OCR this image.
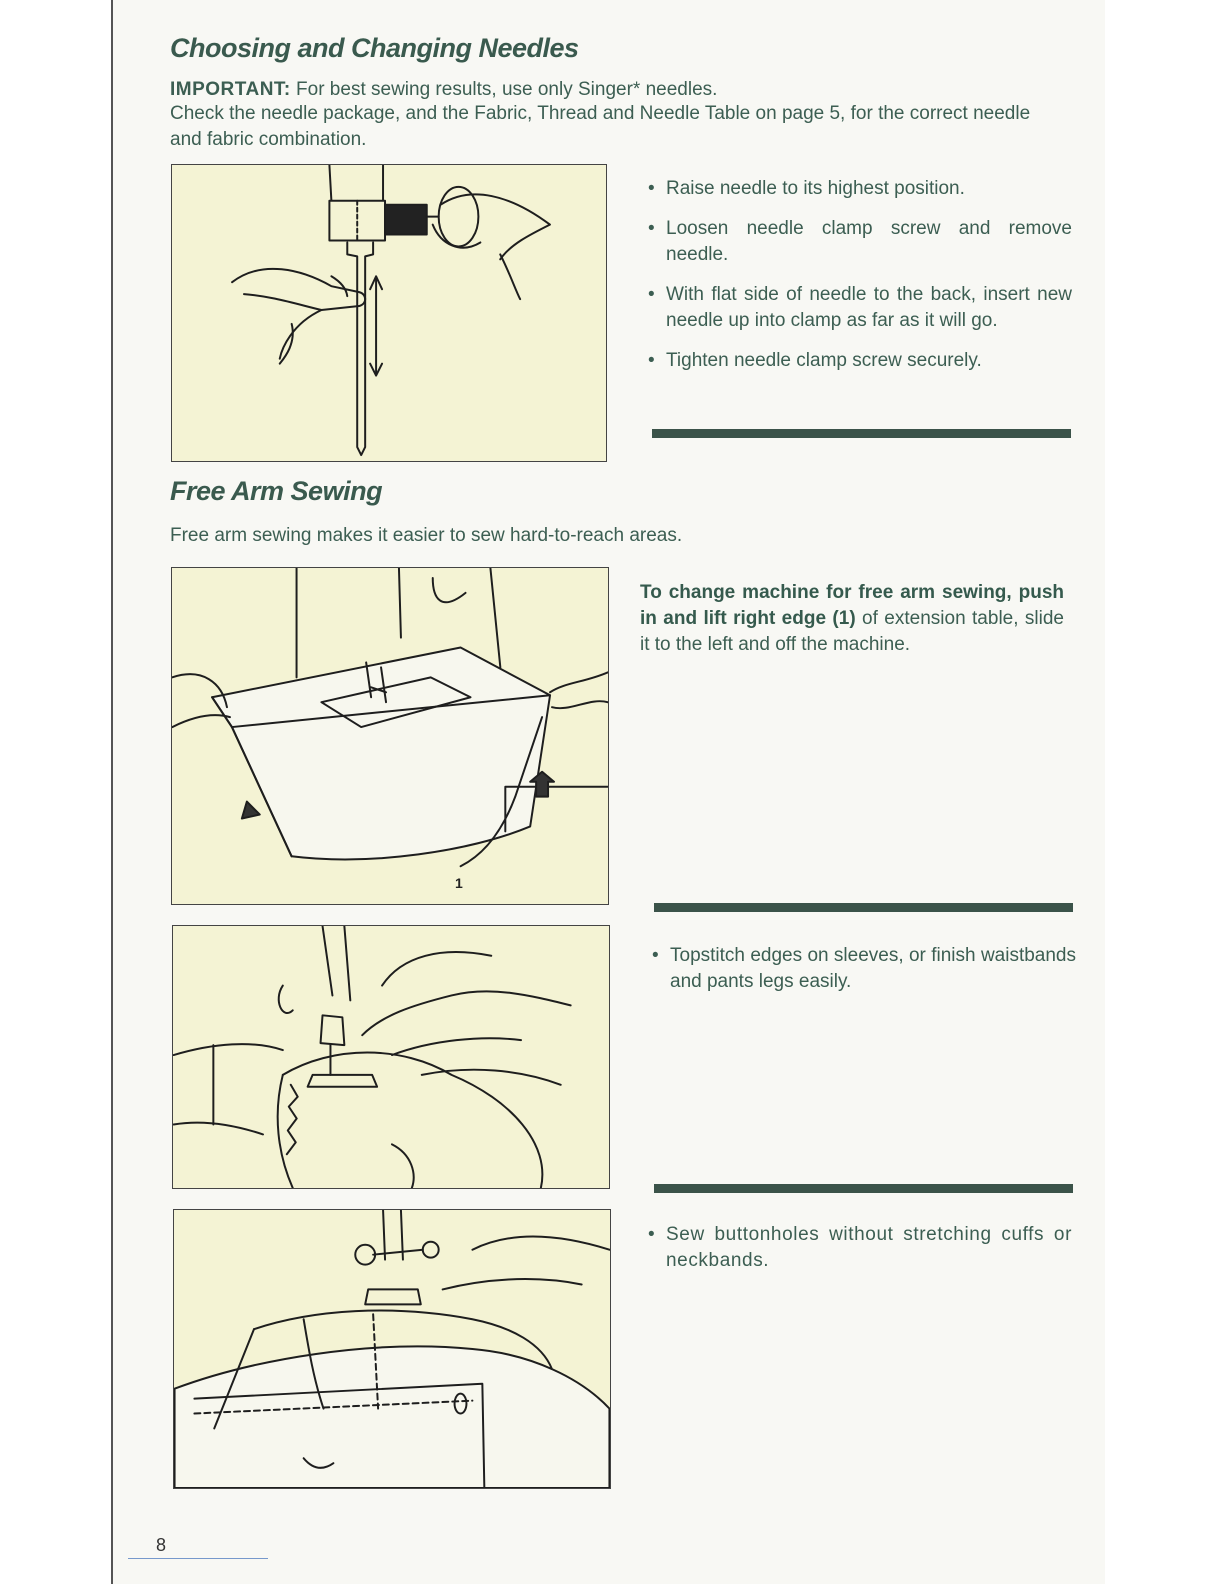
Choosing and Changing Needles

IMPORTANT: For best sewing results, use only Singer* needles.

Check the needle package, and the Fabric, Thread and Needle Table on page 5, for the correct needle and fabric combination.

• Raise needle to its highest position.
• Loosen needle clamp screw and remove needle.
• With flat side of needle to the back, insert new needle up into clamp as far as it will go.
• Tighten needle clamp screw securely.
Free Arm Sewing

Free arm sewing makes it easier to sew hard-to-reach areas.

1

To change machine for free arm sewing, push in and lift right edge (1) of extension table, slide it to the left and off the machine.

• Topstitch edges on sleeves, or finish waistbands and pants legs easily.
• Sew buttonholes without stretching cuffs or neckbands.

8
